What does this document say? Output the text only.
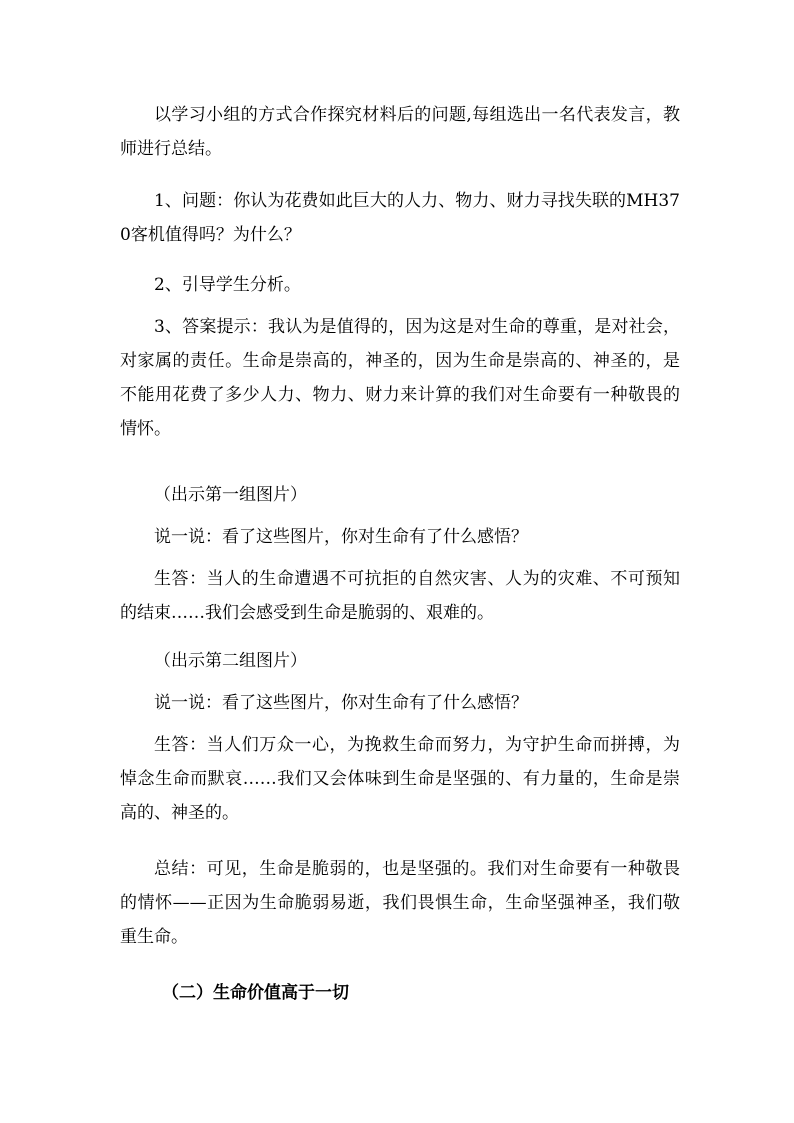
以学习小组的方式合作探究材料后的问题,每组选出一名代表发言，教师进行总结。

1、问题：你认为花费如此巨大的人力、物力、财力寻找失联的MH370客机值得吗？为什么？

2、引导学生分析。

3、答案提示：我认为是值得的，因为这是对生命的尊重，是对社会，对家属的责任。生命是崇高的，神圣的，因为生命是崇高的、神圣的，是不能用花费了多少人力、物力、财力来计算的我们对生命要有一种敬畏的情怀。

（出示第一组图片）

说一说：看了这些图片，你对生命有了什么感悟？

生答：当人的生命遭遇不可抗拒的自然灾害、人为的灾难、不可预知的结束……我们会感受到生命是脆弱的、艰难的。

（出示第二组图片）

说一说：看了这些图片，你对生命有了什么感悟？

生答：当人们万众一心，为挽救生命而努力，为守护生命而拼搏，为悼念生命而默哀……我们又会体味到生命是坚强的、有力量的，生命是崇高的、神圣的。

总结：可见，生命是脆弱的，也是坚强的。我们对生命要有一种敬畏的情怀——正因为生命脆弱易逝，我们畏惧生命，生命坚强神圣，我们敬重生命。

（二）生命价值高于一切
